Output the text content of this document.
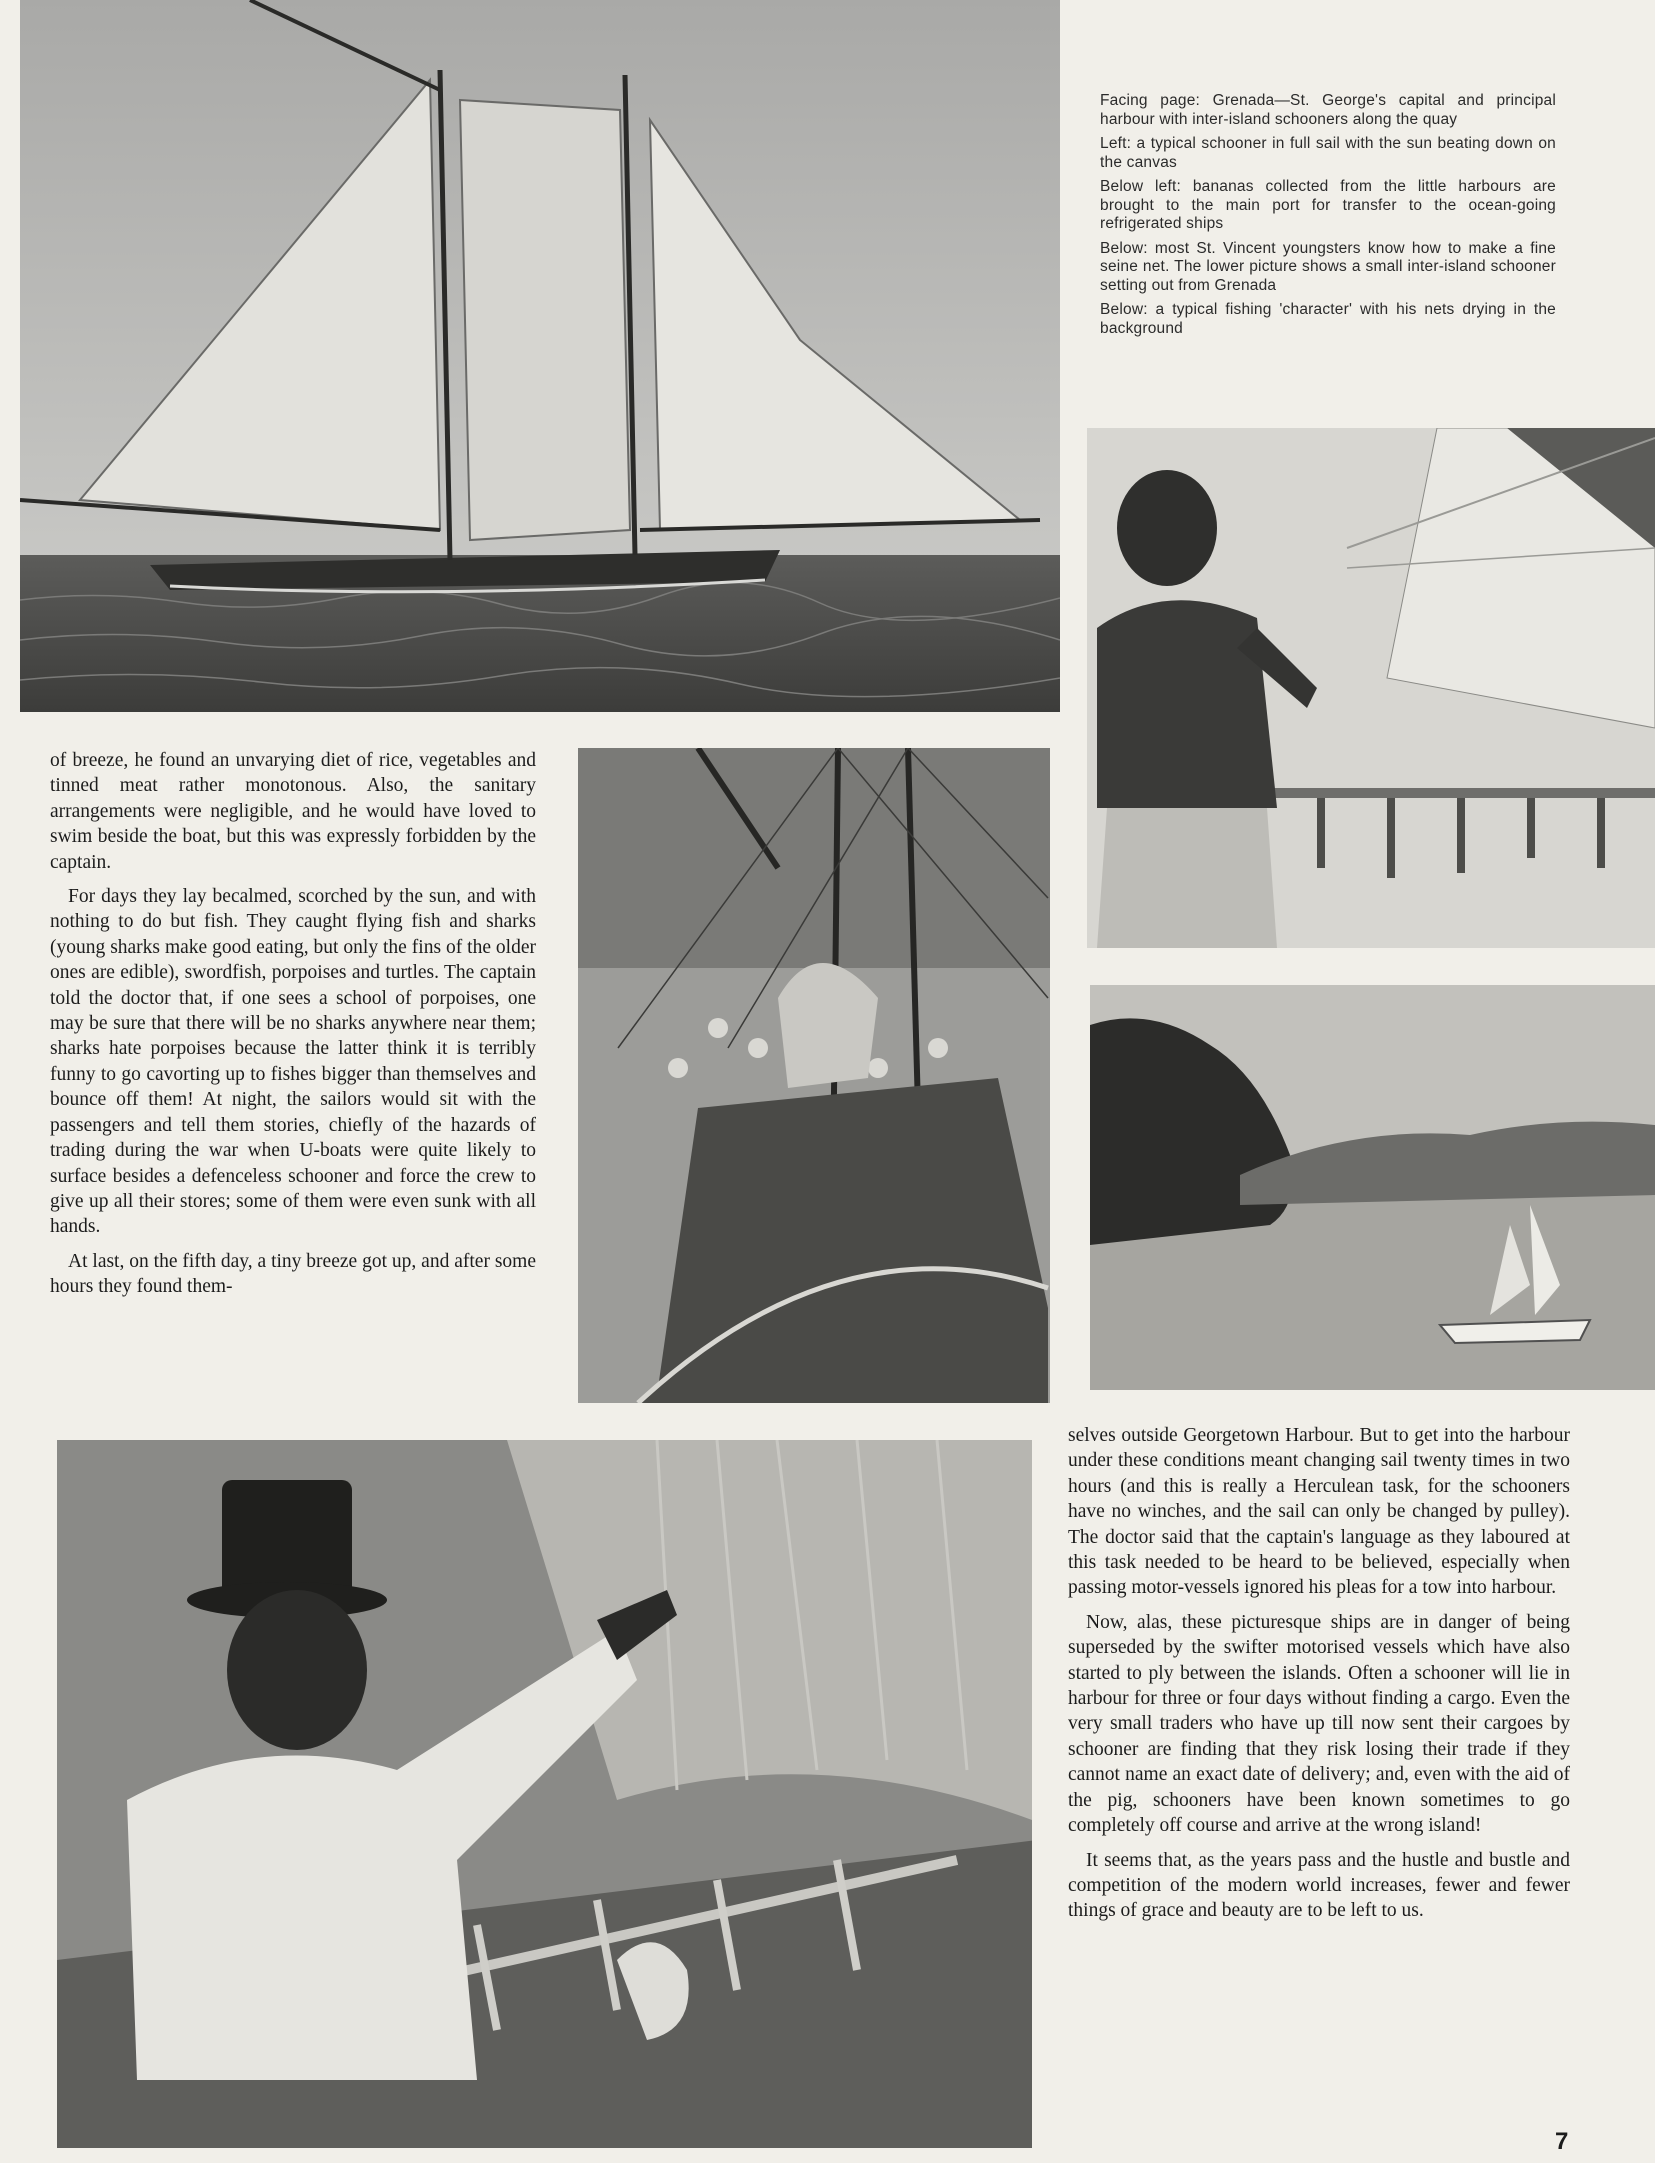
Facing page: Grenada—St. George's capital and principal harbour with inter-island schooners along the quay

Left: a typical schooner in full sail with the sun beating down on the canvas

Below left: bananas collected from the little harbours are brought to the main port for transfer to the ocean-going refrigerated ships

Below: most St. Vincent youngsters know how to make a fine seine net. The lower picture shows a small inter-island schooner setting out from Grenada

Below: a typical fishing 'character' with his nets drying in the background

of breeze, he found an unvarying diet of rice, vegetables and tinned meat rather monotonous. Also, the sanitary arrangements were negligible, and he would have loved to swim beside the boat, but this was expressly forbidden by the captain.

For days they lay becalmed, scorched by the sun, and with nothing to do but fish. They caught flying fish and sharks (young sharks make good eating, but only the fins of the older ones are edible), swordfish, porpoises and turtles. The captain told the doctor that, if one sees a school of porpoises, one may be sure that there will be no sharks anywhere near them; sharks hate porpoises because the latter think it is terribly funny to go cavorting up to fishes bigger than themselves and bounce off them! At night, the sailors would sit with the passengers and tell them stories, chiefly of the hazards of trading during the war when U-boats were quite likely to surface besides a defenceless schooner and force the crew to give up all their stores; some of them were even sunk with all hands.

At last, on the fifth day, a tiny breeze got up, and after some hours they found them-

selves outside Georgetown Harbour. But to get into the harbour under these conditions meant changing sail twenty times in two hours (and this is really a Herculean task, for the schooners have no winches, and the sail can only be changed by pulley). The doctor said that the captain's language as they laboured at this task needed to be heard to be believed, especially when passing motor-vessels ignored his pleas for a tow into harbour.

Now, alas, these picturesque ships are in danger of being superseded by the swifter motorised vessels which have also started to ply between the islands. Often a schooner will lie in harbour for three or four days without finding a cargo. Even the very small traders who have up till now sent their cargoes by schooner are finding that they risk losing their trade if they cannot name an exact date of delivery; and, even with the aid of the pig, schooners have been known sometimes to go completely off course and arrive at the wrong island!

It seems that, as the years pass and the hustle and bustle and competition of the modern world increases, fewer and fewer things of grace and beauty are to be left to us.

7
